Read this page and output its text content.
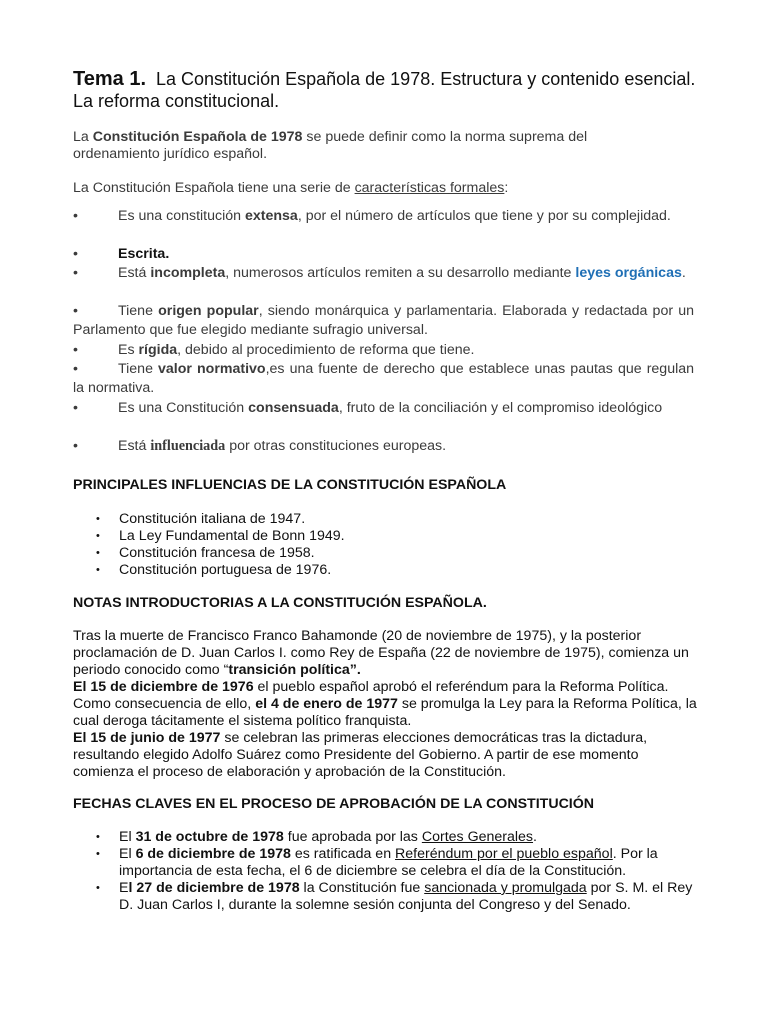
Tema 1. La Constitución Española de 1978. Estructura y contenido esencial. La reforma constitucional.

La Constitución Española de 1978 se puede definir como la norma suprema del ordenamiento jurídico español.

La Constitución Española tiene una serie de características formales:

•	Es una constitución extensa, por el número de artículos que tiene y por su complejidad.

•	Escrita.

•	Está incompleta, numerosos artículos remiten a su desarrollo mediante leyes orgánicas.

•	Tiene origen popular, siendo monárquica y parlamentaria. Elaborada y redactada por un Parlamento que fue elegido mediante sufragio universal.

•	Es rígida, debido al procedimiento de reforma que tiene.

•	Tiene valor normativo,es una fuente de derecho que establece unas pautas que regulan la normativa.

•	Es una Constitución consensuada, fruto de la conciliación y el compromiso ideológico

•	Está influenciada por otras constituciones europeas.

PRINCIPALES INFLUENCIAS DE LA CONSTITUCIÓN ESPAÑOLA
• Constitución italiana de 1947.
• La Ley Fundamental de Bonn 1949.
• Constitución francesa de 1958.
• Constitución portuguesa de 1976.
NOTAS INTRODUCTORIAS A LA CONSTITUCIÓN ESPAÑOLA.

Tras la muerte de Francisco Franco Bahamonde (20 de noviembre de 1975), y la posterior proclamación de D. Juan Carlos I. como Rey de España (22 de noviembre de 1975), comienza un periodo conocido como “transición política”.
El 15 de diciembre de 1976 el pueblo español aprobó el referéndum para la Reforma Política. Como consecuencia de ello, el 4 de enero de 1977 se promulga la Ley para la Reforma Política, la cual deroga tácitamente el sistema político franquista.
El 15 de junio de 1977 se celebran las primeras elecciones democráticas tras la dictadura, resultando elegido Adolfo Suárez como Presidente del Gobierno. A partir de ese momento comienza el proceso de elaboración y aprobación de la Constitución.

FECHAS CLAVES EN EL PROCESO DE APROBACIÓN DE LA CONSTITUCIÓN
• El 31 de octubre de 1978 fue aprobada por las Cortes Generales.
• El 6 de diciembre de 1978 es ratificada en Referéndum por el pueblo español. Por la importancia de esta fecha, el 6 de diciembre se celebra el día de la Constitución.
• El 27 de diciembre de 1978 la Constitución fue sancionada y promulgada por S. M. el Rey D. Juan Carlos I, durante la solemne sesión conjunta del Congreso y del Senado.
